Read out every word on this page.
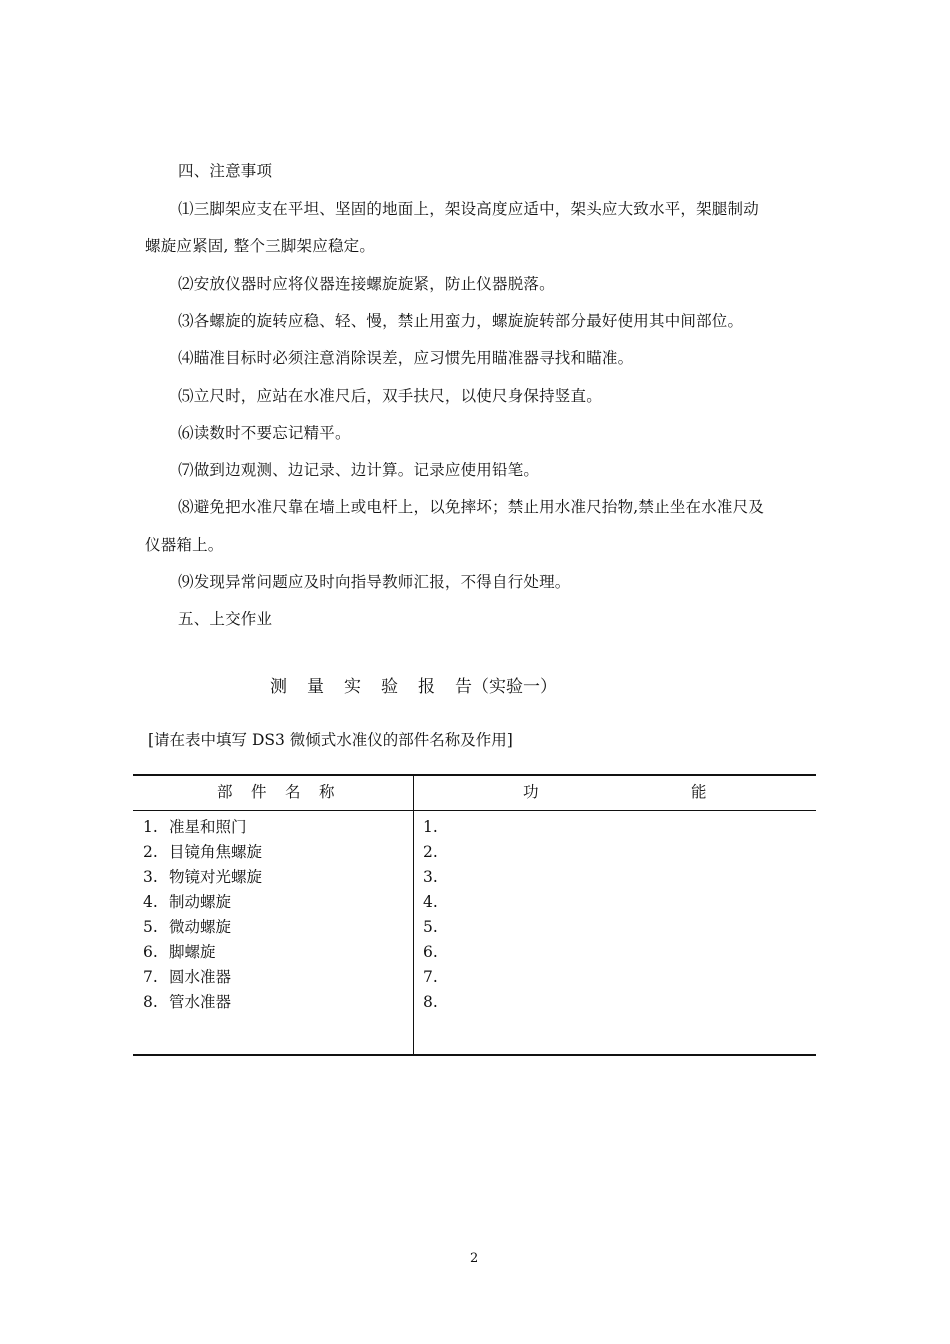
四、注意事项
⑴三脚架应支在平坦、坚固的地面上，架设高度应适中，架头应大致水平，架腿制动
螺旋应紧固, 整个三脚架应稳定。
⑵安放仪器时应将仪器连接螺旋旋紧，防止仪器脱落。
⑶各螺旋的旋转应稳、轻、慢，禁止用蛮力，螺旋旋转部分最好使用其中间部位。
⑷瞄准目标时必须注意消除误差，应习惯先用瞄准器寻找和瞄准。
⑸立尺时，应站在水准尺后，双手扶尺，以使尺身保持竖直。
⑹读数时不要忘记精平。
⑺做到边观测、边记录、边计算。记录应使用铅笔。
⑻避免把水准尺靠在墙上或电杆上，以免摔坏；禁止用水准尺抬物,禁止坐在水准尺及
仪器箱上。
⑼发现异常问题应及时向指导教师汇报，不得自行处理。
五、上交作业
测 量 实 验 报 告（实验一）
[请在表中填写 DS3 微倾式水准仪的部件名称及作用]
部 件 名 称	功	能
1. 准星和照门
2. 目镜角焦螺旋
3. 物镜对光螺旋
4. 制动螺旋
5. 微动螺旋
6. 脚螺旋
7. 圆水准器
8. 管水准器
1.
2.
3.
4.
5.
6.
7.
8.
2
